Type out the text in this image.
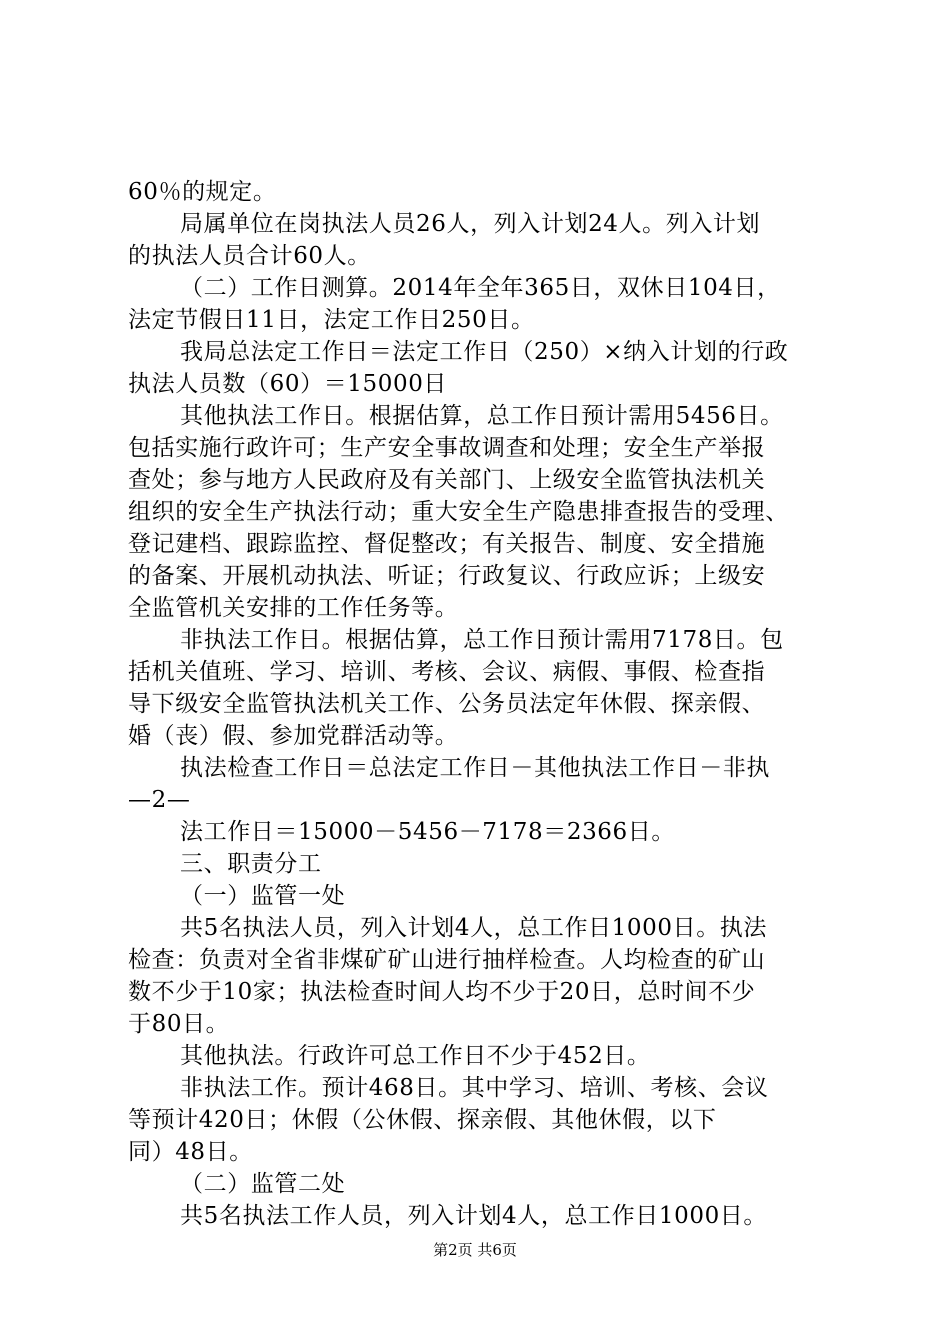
60％的规定。
局属单位在岗执法人员26人，列入计划24人。列入计划
的执法人员合计60人。
（二）工作日测算。2014年全年365日，双休日104日，
法定节假日11日，法定工作日250日。
我局总法定工作日＝法定工作日（250）×纳入计划的行政
执法人员数（60）＝15000日
其他执法工作日。根据估算，总工作日预计需用5456日。
包括实施行政许可；生产安全事故调查和处理；安全生产举报
查处；参与地方人民政府及有关部门、上级安全监管执法机关
组织的安全生产执法行动；重大安全生产隐患排查报告的受理、
登记建档、跟踪监控、督促整改；有关报告、制度、安全措施
的备案、开展机动执法、听证；行政复议、行政应诉；上级安
全监管机关安排的工作任务等。
非执法工作日。根据估算，总工作日预计需用7178日。包
括机关值班、学习、培训、考核、会议、病假、事假、检查指
导下级安全监管执法机关工作、公务员法定年休假、探亲假、
婚（丧）假、参加党群活动等。
执法检查工作日＝总法定工作日－其他执法工作日－非执
—2—
法工作日＝15000－5456－7178＝2366日。
三、职责分工
（一）监管一处
共5名执法人员，列入计划4人，总工作日1000日。执法
检查：负责对全省非煤矿矿山进行抽样检查。人均检查的矿山
数不少于10家；执法检查时间人均不少于20日，总时间不少
于80日。
其他执法。行政许可总工作日不少于452日。
非执法工作。预计468日。其中学习、培训、考核、会议
等预计420日；休假（公休假、探亲假、其他休假，以下
同）48日。
（二）监管二处
共5名执法工作人员，列入计划4人，总工作日1000日。
第2页 共6页
